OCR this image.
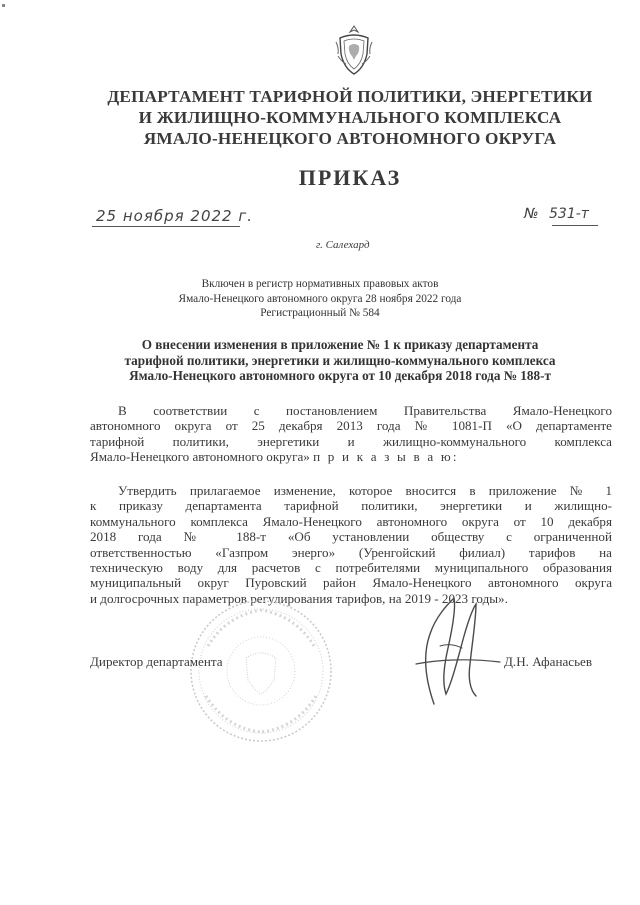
ДЕПАРТАМЕНТ ТАРИФНОЙ ПОЛИТИКИ, ЭНЕРГЕТИКИ
И ЖИЛИЩНО-КОММУНАЛЬНОГО КОМПЛЕКСА
ЯМАЛО-НЕНЕЦКОГО АВТОНОМНОГО ОКРУГА
ПРИКАЗ
25 ноября 2022 г.	№ 531-т
г. Салехард
Включен в регистр нормативных правовых актов
Ямало-Ненецкого автономного округа 28 ноября 2022 года
Регистрационный № 584
О внесении изменения в приложение № 1 к приказу департамента
тарифной политики, энергетики и жилищно-коммунального комплекса
Ямало-Ненецкого автономного округа от 10 декабря 2018 года № 188-т
В соответствии с постановлением Правительства Ямало-Ненецкого
автономного округа от 25 декабря 2013 года № 1081-П «О департаменте
тарифной политики, энергетики и жилищно-коммунального комплекса
Ямало-Ненецкого автономного округа» п р и к а з ы в а ю:
Утвердить прилагаемое изменение, которое вносится в приложение № 1
к приказу департамента тарифной политики, энергетики и жилищно-
коммунального комплекса Ямало-Ненецкого автономного округа от 10 декабря
2018 года № 188-т «Об установлении обществу с ограниченной
ответственностью «Газпром энерго» (Уренгойский филиал) тарифов на
техническую воду для расчетов с потребителями муниципального образования
муниципальный округ Пуровский район Ямало-Ненецкого автономного округа
и долгосрочных параметров регулирования тарифов, на 2019 - 2023 годы».
Директор департамента	Д.Н. Афанасьев
